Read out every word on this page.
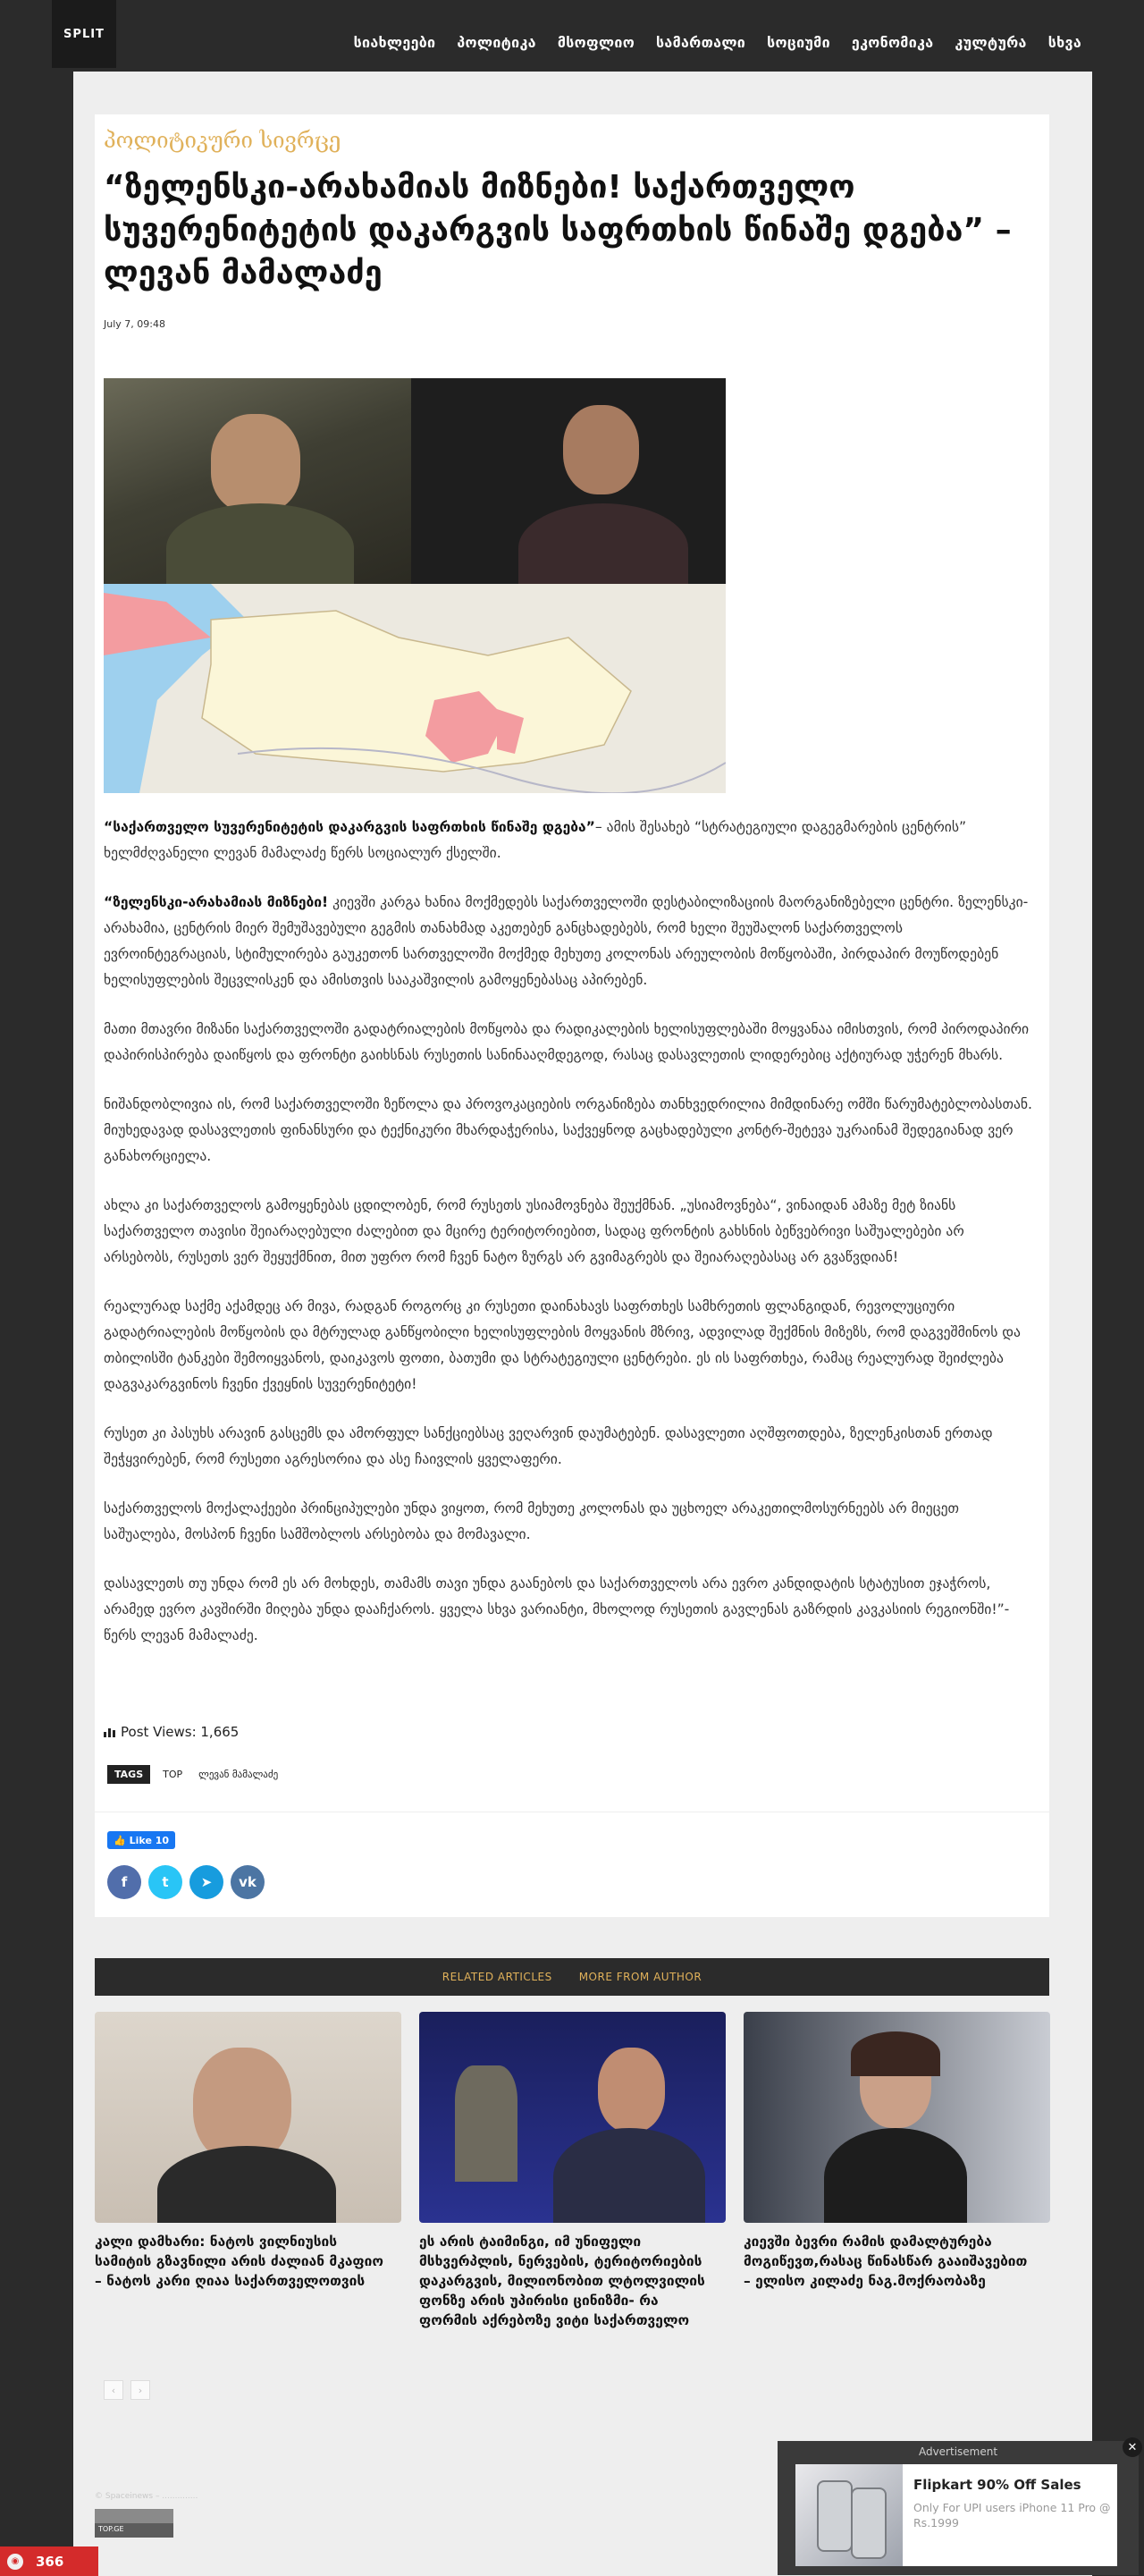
SPLIT	სიახლეები	პოლიტიკა	მსოფლიო	სამართალი	სოციუმი	ეკონომიკა	კულტურა	სხვა
პოლიტიკური სივრცე
“ზელენსკი-არახამიას მიზნები! საქართველო სუვერენიტეტის დაკარგვის საფრთხის წინაშე დგება” – ლევან მამალაძე
July 7, 09:48

“საქართველო სუვერენიტეტის დაკარგვის საფრთხის წინაშე დგება”– ამის შესახებ “სტრატეგიული დაგეგმარების ცენტრის” ხელმძღვანელი ლევან მამალაძე წერს სოციალურ ქსელში.

“ზელენსკი-არახამიას მიზნები! კიევში კარგა ხანია მოქმედებს საქართველოში დესტაბილიზაციის მაორგანიზებელი ცენტრი. ზელენსკი-არახამია, ცენტრის მიერ შემუშავებული გეგმის თანახმად აკეთებენ განცხადებებს, რომ ხელი შეუშალონ საქართველოს ევროინტეგრაციას, სტიმულირება გაუკეთონ სართველოში მოქმედ მეხუთე კოლონას არეულობის მოწყობაში, პირდაპირ მოუწოდებენ ხელისუფლების შეცვლისკენ და ამისთვის სააკაშვილის გამოყენებასაც აპირებენ.

მათი მთავრი მიზანი საქართველოში გადატრიალების მოწყობა და რადიკალების ხელისუფლებაში მოყვანაა იმისთვის, რომ პიროდაპირი დაპირისპირება დაიწყოს და ფრონტი გაიხსნას რუსეთის სანინააღმდეგოდ, რასაც დასავლეთის ლიდერებიც აქტიურად უჭერენ მხარს.

ნიშანდობლივია ის, რომ საქართველოში ზეწოლა და პროვოკაციების ორგანიზება თანხვედრილია მიმდინარე ომში წარუმატებლობასთან. მიუხედავად დასავლეთის ფინანსური და ტექნიკური მხარდაჭერისა, საქვეყნოდ გაცხადებული კონტრ-შეტევა უკრაინამ შედეგიანად ვერ განახორციელა.

ახლა კი საქართველოს გამოყენებას ცდილობენ, რომ რუსეთს უსიამოვნება შეუქმნან. „უსიამოვნება“, ვინაიდან ამაზე მეტ ზიანს საქართველო თავისი შეიარაღებული ძალებით და მცირე ტერიტორიებით, სადაც ფრონტის გახსნის ბეწვებრივი საშუალებები არ არსებობს, რუსეთს ვერ შეყუქმნით, მით უფრო რომ ჩვენ ნატო ზურგს არ გვიმაგრებს და შეიარაღებასაც არ გვაწვდიან!

რეალურად საქმე აქამდეც არ მივა, რადგან როგორც კი რუსეთი დაინახავს საფრთხეს სამხრეთის ფლანგიდან, რევოლუციური გადატრიალების მოწყობის და მტრულად განწყობილი ხელისუფლების მოყვანის მზრივ, ადვილად შექმნის მიზეზს, რომ დაგვეშმინოს და თბილისში ტანკები შემოიყვანოს, დაიკავოს ფოთი, ბათუმი და სტრატეგიული ცენტრები. ეს ის საფრთხეა, რამაც რეალურად შეიძლება დაგვაკარგვინოს ჩვენი ქვეყნის სუვერენიტეტი!

რუსეთ კი პასუხს არავინ გასცემს და ამორფულ სანქციებსაც ვეღარვინ დაუმატებენ. დასავლეთი აღშფოთდება, ზელენკისთან ერთად შეჭყვირებენ, რომ რუსეთი აგრესორია და ასე ჩაივლის ყველაფერი.

საქართველოს მოქალაქეები პრინციპულები უნდა ვიყოთ, რომ მეხუთე კოლონას და უცხოელ არაკეთილმოსურნეებს არ მიეცეთ საშუალება, მოსპონ ჩვენი სამშობლოს არსებობა და მომავალი.

დასავლეთს თუ უნდა რომ ეს არ მოხდეს, თამამს თავი უნდა გაანებოს და საქართველოს არა ევრო კანდიდატის სტატუსით ეჯაჭროს, არამედ ევრო კავშირში მიღება უნდა დააჩქაროს. ყველა სხვა ვარიანტი, მხოლოდ რუსეთის გავლენას გაზრდის კავკასიის რეგიონში!”- წერს ლევან მამალაძე.

Post Views: 1,665
TAGS	TOP	ლევან მამალაძე
👍 Like 10
f	t	➤	vk
RELATED ARTICLES	MORE FROM AUTHOR
კალი დამხარი: ნატოს ვილნიუსის სამიტის გზავნილი არის ძალიან მკაფიო – ნატოს კარი ღიაა საქართველოთვის
ეს არის ტაიმინგი, იმ უნიფელი მსხვერპლის, ნერვების, ტერიტორიების დაკარგვის, მილიონობით ლტოლვილის ფონზე არის უპირისი ცინიზმი- რა ფორმის აქრებოზე ვიტი საქართველო
კიევში ბევრი რამის დამალტურება მოგიწევთ,რასაც წინასწარ გააიშავებით – ელისო კილაძე ნაგ.მოქრაობაზე
‹	›
© Spaceinews – ..............
TOP.GE
Advertisement	✕
Flipkart 90% Off Sales
Only For UPI users iPhone 11 Pro @ Rs.1999
◉	366
